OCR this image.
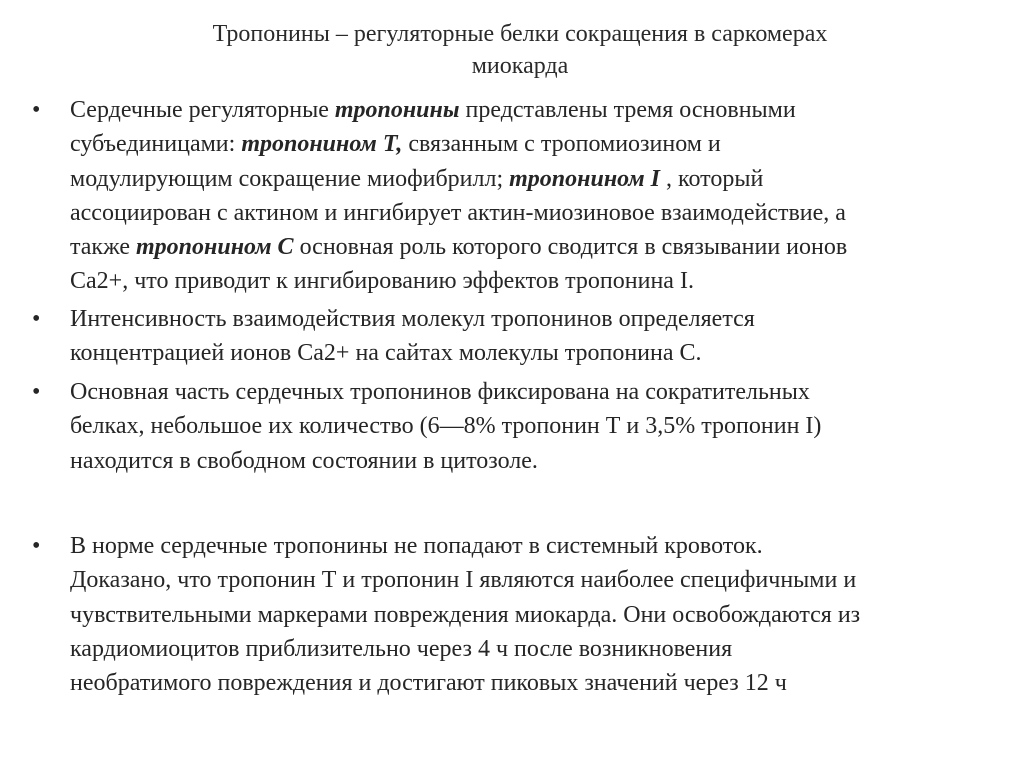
Тропонины – регуляторные белки сокращения в саркомерах
миокарда
•	Сердечные регуляторные тропонины представлены тремя основными
субъединицами: тропонином Т, связанным с тропомиозином и
модулирующим сокращение миофибрилл; тропонином I , который
ассоциирован с актином и ингибирует актин-миозиновое взаимодействие, а
также тропонином С основная роль которого сводится в связывании ионов
Са2+, что приводит к ингибированию эффектов тропонина I.
•	Интенсивность взаимодействия молекул тропонинов определяется
концентрацией ионов Са2+ на сайтах молекулы тропонина С.
•	Основная часть сердечных тропонинов фиксирована на сократительных
белках, небольшое их количество (6—8% тропонин Т и 3,5% тропонин I)
находится в свободном состоянии в цитозоле.
•	В норме сердечные тропонины не попадают в системный кровоток.
Доказано, что тропонин Т и тропонин I являются наиболее специфичными и
чувствительными маркерами повреждения миокарда. Они освобождаются из
кардиомиоцитов приблизительно через 4 ч после возникновения
необратимого повреждения и достигают пиковых значений через 12 ч
